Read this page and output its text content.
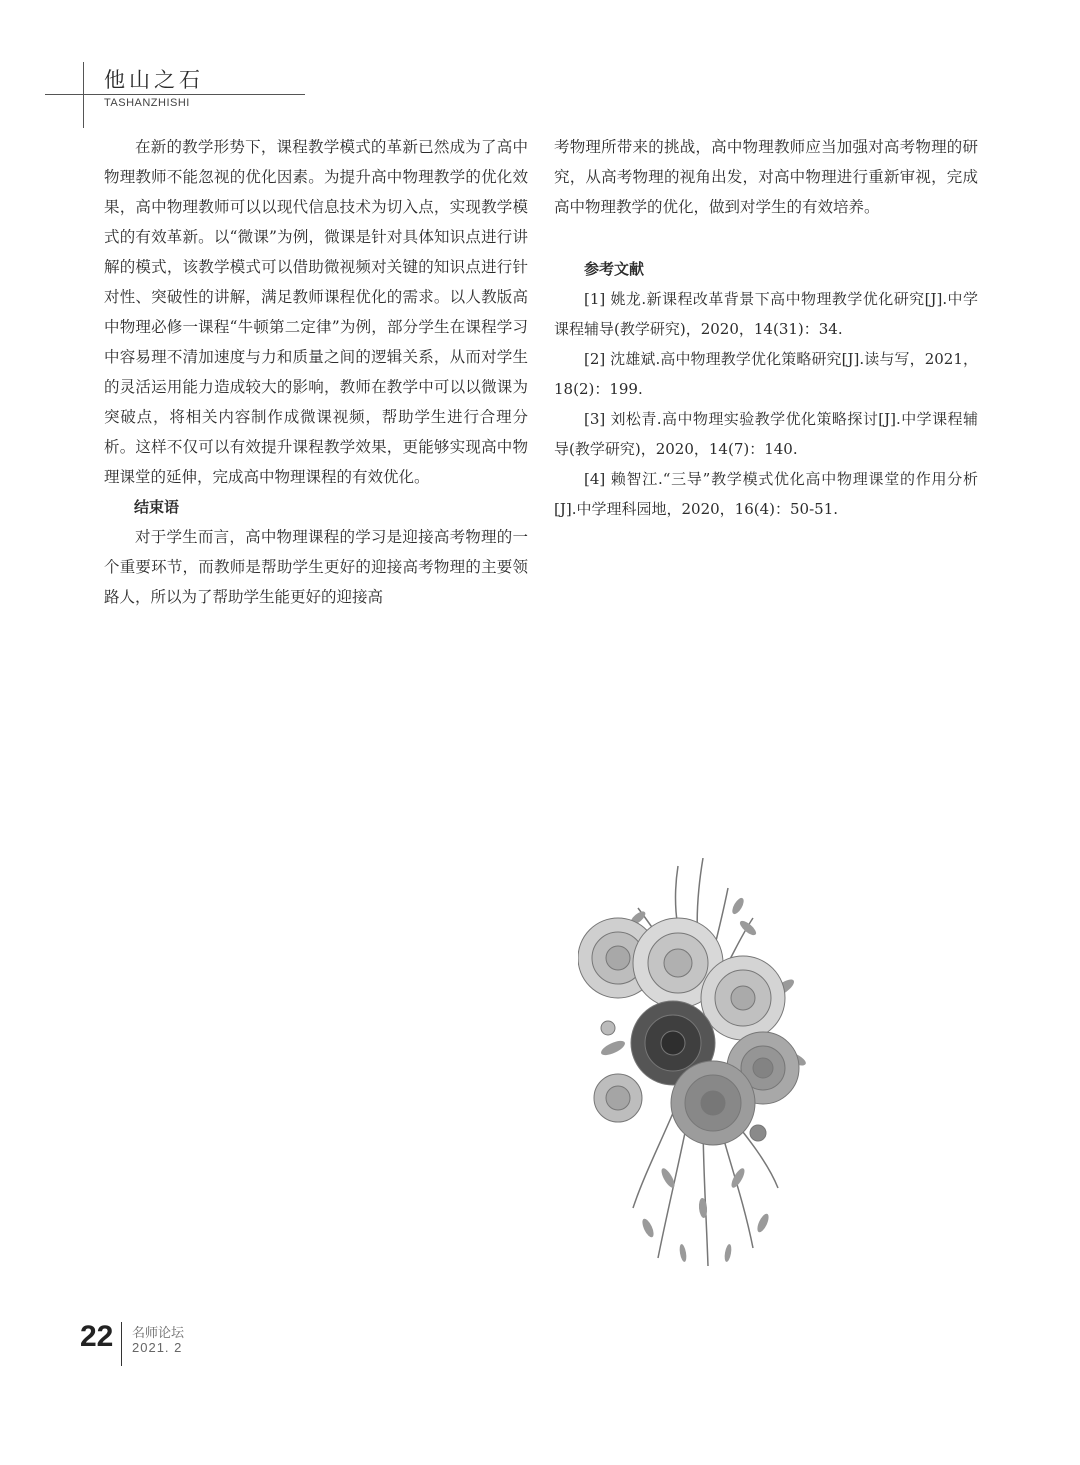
他山之石
TASHANZHISHI

在新的教学形势下，课程教学模式的革新已然成为了高中物理教师不能忽视的优化因素。为提升高中物理教学的优化效果，高中物理教师可以以现代信息技术为切入点，实现教学模式的有效革新。以“微课”为例，微课是针对具体知识点进行讲解的模式，该教学模式可以借助微视频对关键的知识点进行针对性、突破性的讲解，满足教师课程优化的需求。以人教版高中物理必修一课程“牛顿第二定律”为例，部分学生在课程学习中容易理不清加速度与力和质量之间的逻辑关系，从而对学生的灵活运用能力造成较大的影响，教师在教学中可以以微课为突破点，将相关内容制作成微课视频，帮助学生进行合理分析。这样不仅可以有效提升课程教学效果，更能够实现高中物理课堂的延伸，完成高中物理课程的有效优化。

结束语

对于学生而言，高中物理课程的学习是迎接高考物理的一个重要环节，而教师是帮助学生更好的迎接高考物理的主要领路人，所以为了帮助学生能更好的迎接高

考物理所带来的挑战，高中物理教师应当加强对高考物理的研究，从高考物理的视角出发，对高中物理进行重新审视，完成高中物理教学的优化，做到对学生的有效培养。

参考文献

[1] 姚龙.新课程改革背景下高中物理教学优化研究[J].中学课程辅导(教学研究)，2020，14(31)：34.

[2] 沈雄斌.高中物理教学优化策略研究[J].读与写，2021，18(2)：199.

[3] 刘松青.高中物理实验教学优化策略探讨[J].中学课程辅导(教学研究)，2020，14(7)：140.

[4] 赖智江.“三导”教学模式优化高中物理课堂的作用分析[J].中学理科园地，2020，16(4)：50-51.

22 名师论坛
2021. 2
